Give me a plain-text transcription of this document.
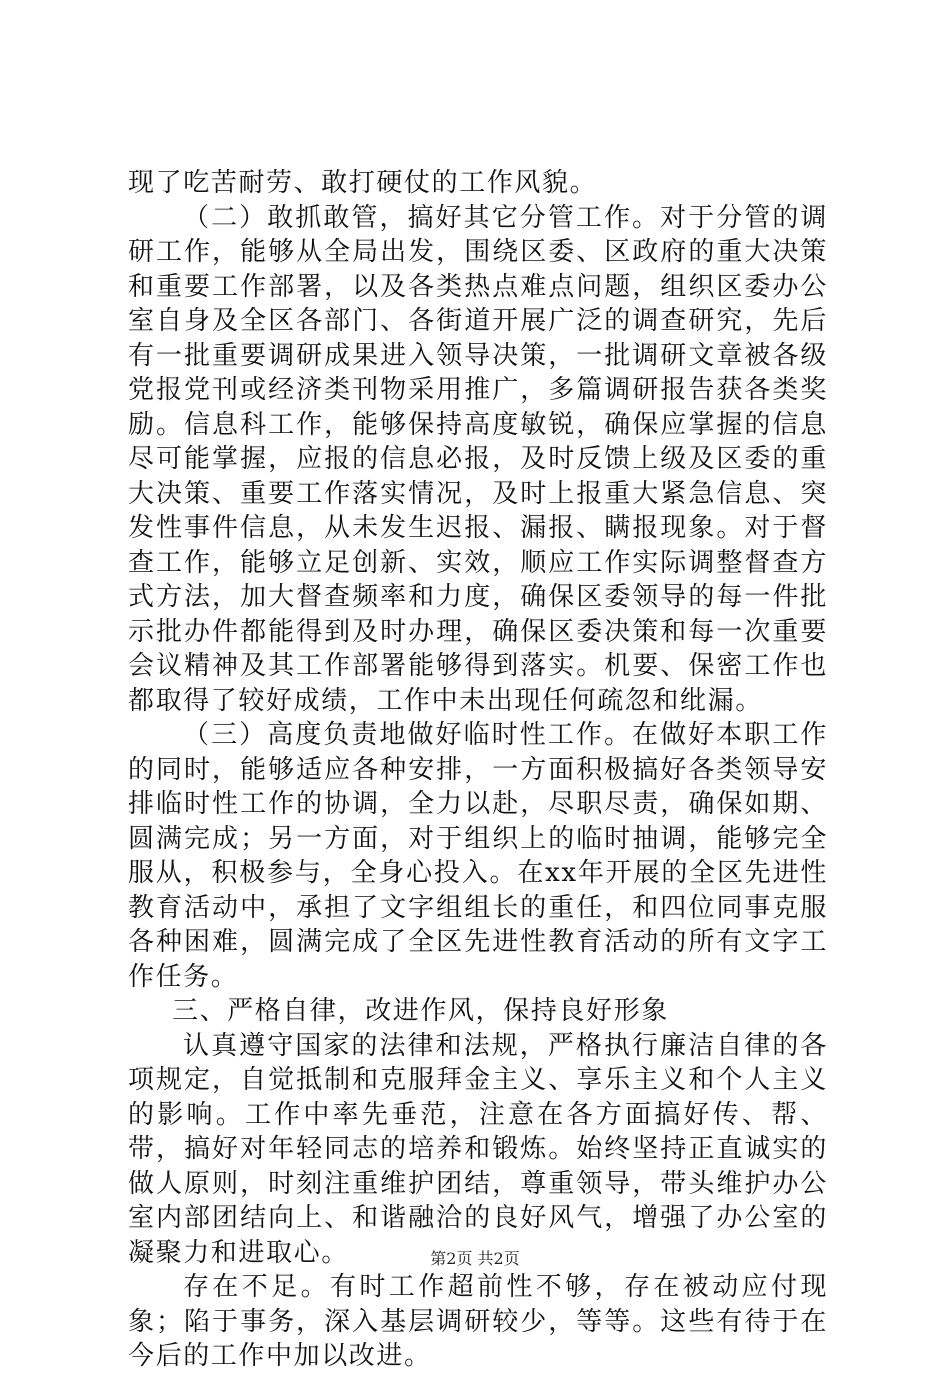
现了吃苦耐劳、敢打硬仗的工作风貌。

（二）敢抓敢管，搞好其它分管工作。对于分管的调研工作，能够从全局出发，围绕区委、区政府的重大决策和重要工作部署，以及各类热点难点问题，组织区委办公室自身及全区各部门、各街道开展广泛的调查研究，先后有一批重要调研成果进入领导决策，一批调研文章被各级党报党刊或经济类刊物采用推广，多篇调研报告获各类奖励。信息科工作，能够保持高度敏锐，确保应掌握的信息尽可能掌握，应报的信息必报，及时反馈上级及区委的重大决策、重要工作落实情况，及时上报重大紧急信息、突发性事件信息，从未发生迟报、漏报、瞒报现象。对于督查工作，能够立足创新、实效，顺应工作实际调整督查方式方法，加大督查频率和力度，确保区委领导的每一件批示批办件都能得到及时办理，确保区委决策和每一次重要会议精神及其工作部署能够得到落实。机要、保密工作也都取得了较好成绩，工作中未出现任何疏忽和纰漏。

（三）高度负责地做好临时性工作。在做好本职工作的同时，能够适应各种安排，一方面积极搞好各类领导安排临时性工作的协调，全力以赴，尽职尽责，确保如期、圆满完成；另一方面，对于组织上的临时抽调，能够完全服从，积极参与，全身心投入。在xx年开展的全区先进性教育活动中，承担了文字组组长的重任，和四位同事克服各种困难，圆满完成了全区先进性教育活动的所有文字工作任务。

三、严格自律，改进作风，保持良好形象

认真遵守国家的法律和法规，严格执行廉洁自律的各项规定，自觉抵制和克服拜金主义、享乐主义和个人主义的影响。工作中率先垂范，注意在各方面搞好传、帮、带，搞好对年轻同志的培养和锻炼。始终坚持正直诚实的做人原则，时刻注重维护团结，尊重领导，带头维护办公室内部团结向上、和谐融洽的良好风气，增强了办公室的凝聚力和进取心。

存在不足。有时工作超前性不够，存在被动应付现象；陷于事务，深入基层调研较少，等等。这些有待于在今后的工作中加以改进。

第2页 共2页
